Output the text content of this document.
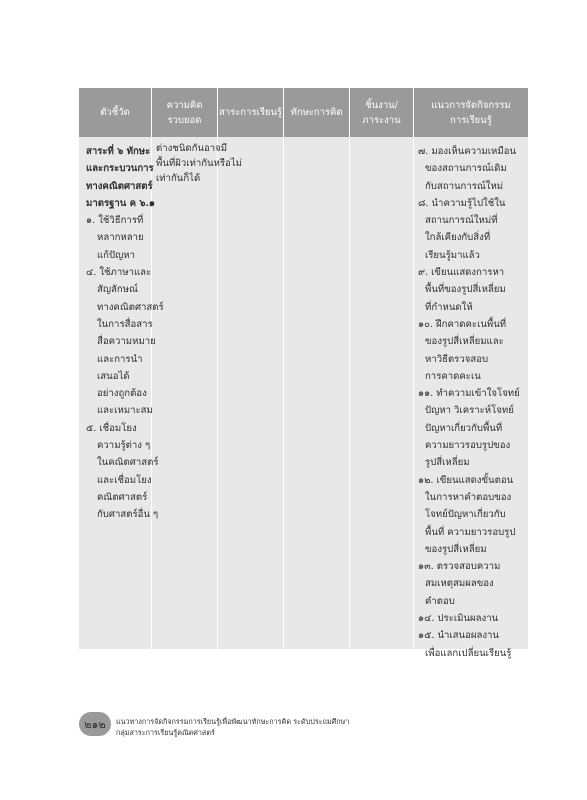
ตัวชี้วัด
ความคิด
รวบยอด
สาระการเรียนรู้ ทักษะการคิด
ชิ้นงาน/
ภาระงาน
แนวการจัดกิจกรรม
การเรียนรู้
สาระที่ ๖ ทักษะ
และกระบวนการ
ทางคณิตศาสตร์
มาตรฐาน ค ๖.๑
๑. ใช้วิธีการที่
หลากหลาย
แก้ปัญหา
๔. ใช้ภาษาและ
สัญลักษณ์
ทางคณิตศาสตร์
ในการสื่อสาร
สื่อความหมาย
และการนำ
เสนอได้
อย่างถูกต้อง
และเหมาะสม
๕. เชื่อมโยง
ความรู้ต่าง ๆ
ในคณิตศาสตร์
และเชื่อมโยง
คณิตศาสตร์
กับศาสตร์อื่น ๆ
ต่างชนิดกันอาจมี
พื้นที่ผิวเท่ากันหรือไม่
เท่ากันก็ได้
๗. มองเห็นความเหมือน
ของสถานการณ์เดิม
กับสถานการณ์ใหม่
๘. นำความรู้ไปใช้ใน
สถานการณ์ใหม่ที่
ใกล้เคียงกับสิ่งที่
เรียนรู้มาแล้ว
๙. เขียนแสดงการหา
พื้นที่ของรูปสี่เหลี่ยม
ที่กำหนดให้
๑๐. ฝึกคาดคะเนพื้นที่
ของรูปสี่เหลี่ยมและ
หาวิธีตรวจสอบ
การคาดคะเน
๑๑. ทำความเข้าใจโจทย์
ปัญหา วิเคราะห์โจทย์
ปัญหาเกี่ยวกับพื้นที่
ความยาวรอบรูปของ
รูปสี่เหลี่ยม
๑๒. เขียนแสดงขั้นตอน
ในการหาคำตอบของ
โจทย์ปัญหาเกี่ยวกับ
พื้นที่ ความยาวรอบรูป
ของรูปสี่เหลี่ยม
๑๓. ตรวจสอบความ
สมเหตุสมผลของ
คำตอบ
๑๔. ประเมินผลงาน
๑๕. นำเสนอผลงาน
เพื่อแลกเปลี่ยนเรียนรู้
๒๑๒	แนวทางการจัดกิจกรรมการเรียนรู้เพื่อพัฒนาทักษะการคิด ระดับประถมศึกษา
กลุ่มสาระการเรียนรู้คณิตศาสตร์
